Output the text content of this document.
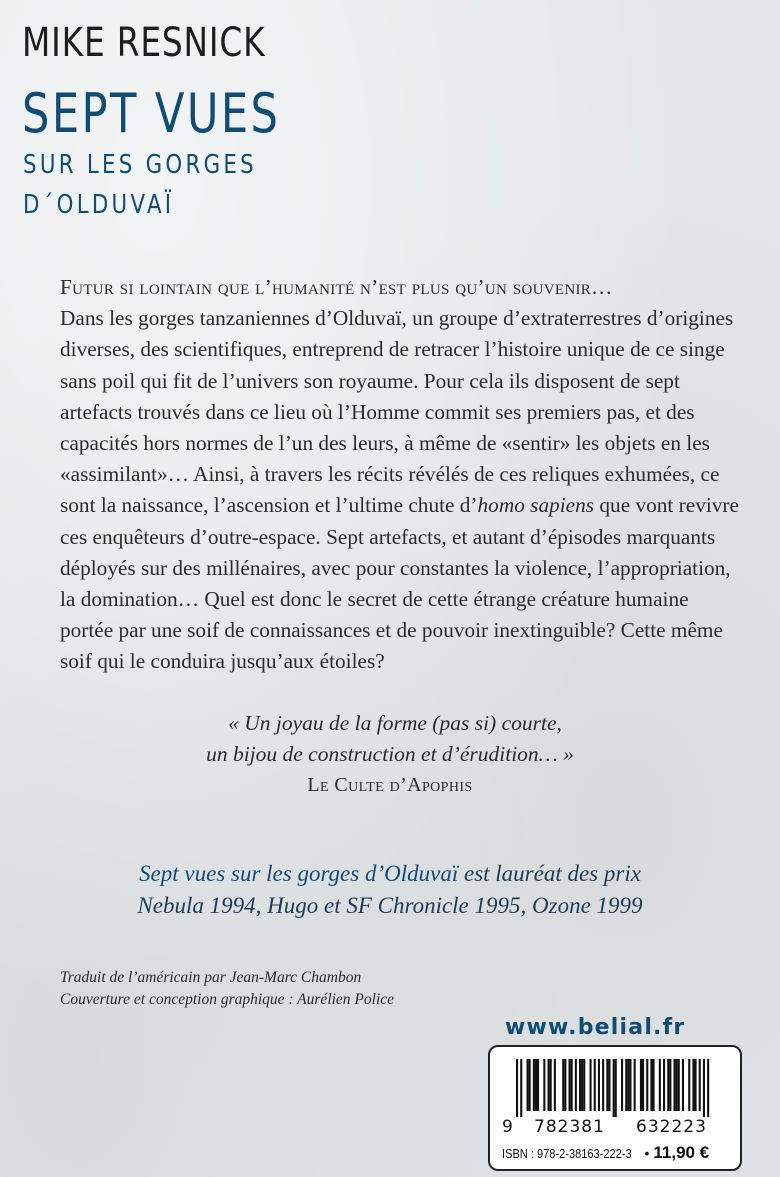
MIKE RESNICK
SEPT VUES
SUR LES GORGES
D´OLDUVAÏ

Futur si lointain que l’humanité n’est plus qu’un souvenir…
Dans les gorges tanzaniennes d’Olduvaï, un groupe d’extraterrestres d’origines diverses, des scientifiques, entreprend de retracer l’histoire unique de ce singe sans poil qui fit de l’univers son royaume. Pour cela ils disposent de sept artefacts trouvés dans ce lieu où l’Homme commit ses premiers pas, et des capacités hors normes de l’un des leurs, à même de «sentir» les objets en les «assimilant»… Ainsi, à travers les récits révélés de ces reliques exhumées, ce sont la naissance, l’ascension et l’ultime chute d’homo sapiens que vont revivre ces enquêteurs d’outre-espace. Sept artefacts, et autant d’épisodes marquants déployés sur des millénaires, avec pour constantes la violence, l’appropriation, la domination… Quel est donc le secret de cette étrange créature humaine portée par une soif de connaissances et de pouvoir inextinguible? Cette même soif qui le conduira jusqu’aux étoiles?

« Un joyau de la forme (pas si) courte,
un bijou de construction et d’érudition… »
Le Culte d’Apophis
Sept vues sur les gorges d’Olduvaï est lauréat des prix
Nebula 1994, Hugo et SF Chronicle 1995, Ozone 1999
Traduit de l’américain par Jean-Marc Chambon
Couverture et conception graphique : Aurélien Police
www.belial.fr
9	782381	632223
ISBN : 978-2-38163-222-3 • 11,90 €
